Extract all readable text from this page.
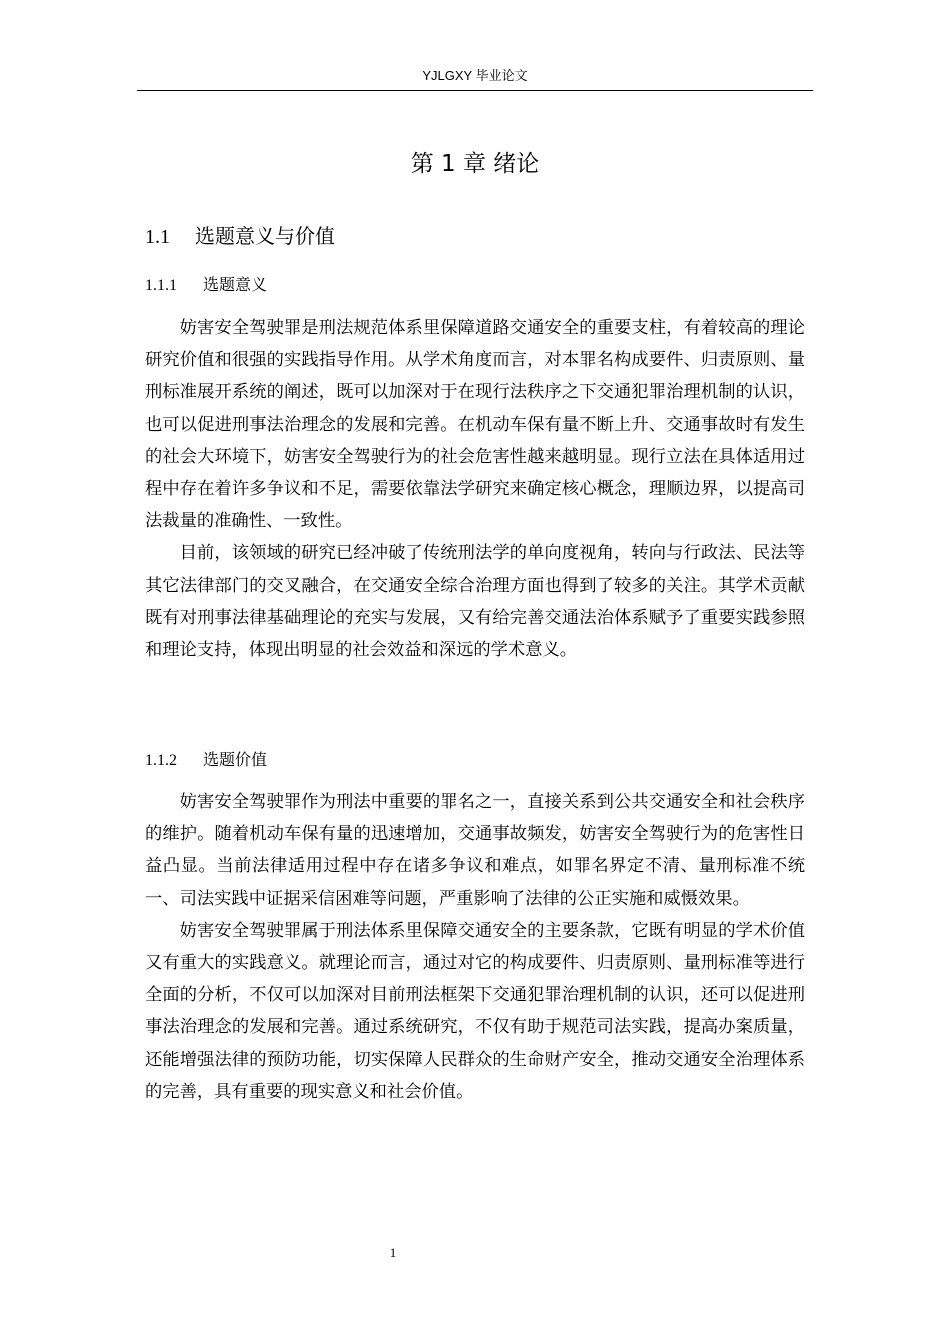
YJLGXY 毕业论文
第 1 章 绪论
1.1 选题意义与价值
1.1.1 选题意义

妨害安全驾驶罪是刑法规范体系里保障道路交通安全的重要支柱，有着较高的理论研究价值和很强的实践指导作用。从学术角度而言，对本罪名构成要件、归责原则、量刑标准展开系统的阐述，既可以加深对于在现行法秩序之下交通犯罪治理机制的认识，也可以促进刑事法治理念的发展和完善。在机动车保有量不断上升、交通事故时有发生的社会大环境下，妨害安全驾驶行为的社会危害性越来越明显。现行立法在具体适用过程中存在着许多争议和不足，需要依靠法学研究来确定核心概念，理顺边界，以提高司法裁量的准确性、一致性。

目前，该领域的研究已经冲破了传统刑法学的单向度视角，转向与行政法、民法等其它法律部门的交叉融合，在交通安全综合治理方面也得到了较多的关注。其学术贡献既有对刑事法律基础理论的充实与发展，又有给完善交通法治体系赋予了重要实践参照和理论支持，体现出明显的社会效益和深远的学术意义。

1.1.2 选题价值

妨害安全驾驶罪作为刑法中重要的罪名之一，直接关系到公共交通安全和社会秩序的维护。随着机动车保有量的迅速增加，交通事故频发，妨害安全驾驶行为的危害性日益凸显。当前法律适用过程中存在诸多争议和难点，如罪名界定不清、量刑标准不统一、司法实践中证据采信困难等问题，严重影响了法律的公正实施和威慑效果。

妨害安全驾驶罪属于刑法体系里保障交通安全的主要条款，它既有明显的学术价值又有重大的实践意义。就理论而言，通过对它的构成要件、归责原则、量刑标准等进行全面的分析，不仅可以加深对目前刑法框架下交通犯罪治理机制的认识，还可以促进刑事法治理念的发展和完善。通过系统研究，不仅有助于规范司法实践，提高办案质量，还能增强法律的预防功能，切实保障人民群众的生命财产安全，推动交通安全治理体系的完善，具有重要的现实意义和社会价值。

1
